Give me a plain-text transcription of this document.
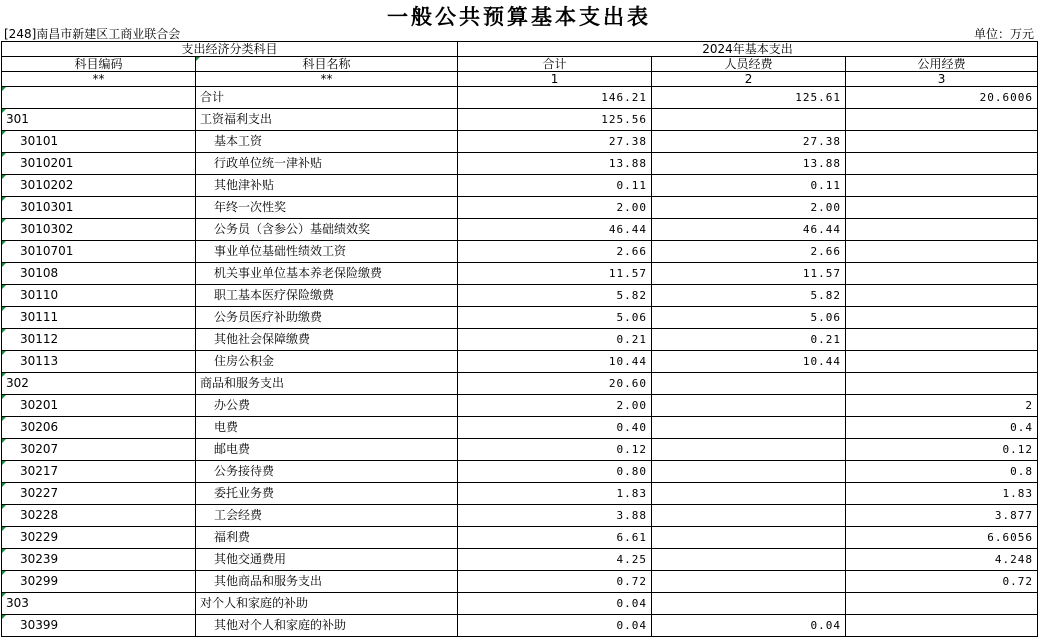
一般公共预算基本支出表
[248]南昌市新建区工商业联合会	单位：万元
支出经济分类科目		2024年基本支出		
科目编码	科目名称	合计	人员经费	公用经费
**	**	1	2	3
	合计	146.21	125.61	20.6006
301	工资福利支出	125.56		
30101	基本工资	27.38	27.38	
3010201	行政单位统一津补贴	13.88	13.88	
3010202	其他津补贴	0.11	0.11	
3010301	年终一次性奖	2.00	2.00	
3010302	公务员（含参公）基础绩效奖	46.44	46.44	
3010701	事业单位基础性绩效工资	2.66	2.66	
30108	机关事业单位基本养老保险缴费	11.57	11.57	
30110	职工基本医疗保险缴费	5.82	5.82	
30111	公务员医疗补助缴费	5.06	5.06	
30112	其他社会保障缴费	0.21	0.21	
30113	住房公积金	10.44	10.44	
302	商品和服务支出	20.60		
30201	办公费	2.00		2
30206	电费	0.40		0.4
30207	邮电费	0.12		0.12
30217	公务接待费	0.80		0.8
30227	委托业务费	1.83		1.83
30228	工会经费	3.88		3.877
30229	福利费	6.61		6.6056
30239	其他交通费用	4.25		4.248
30299	其他商品和服务支出	0.72		0.72
303	对个人和家庭的补助	0.04		
30399	其他对个人和家庭的补助	0.04	0.04	
